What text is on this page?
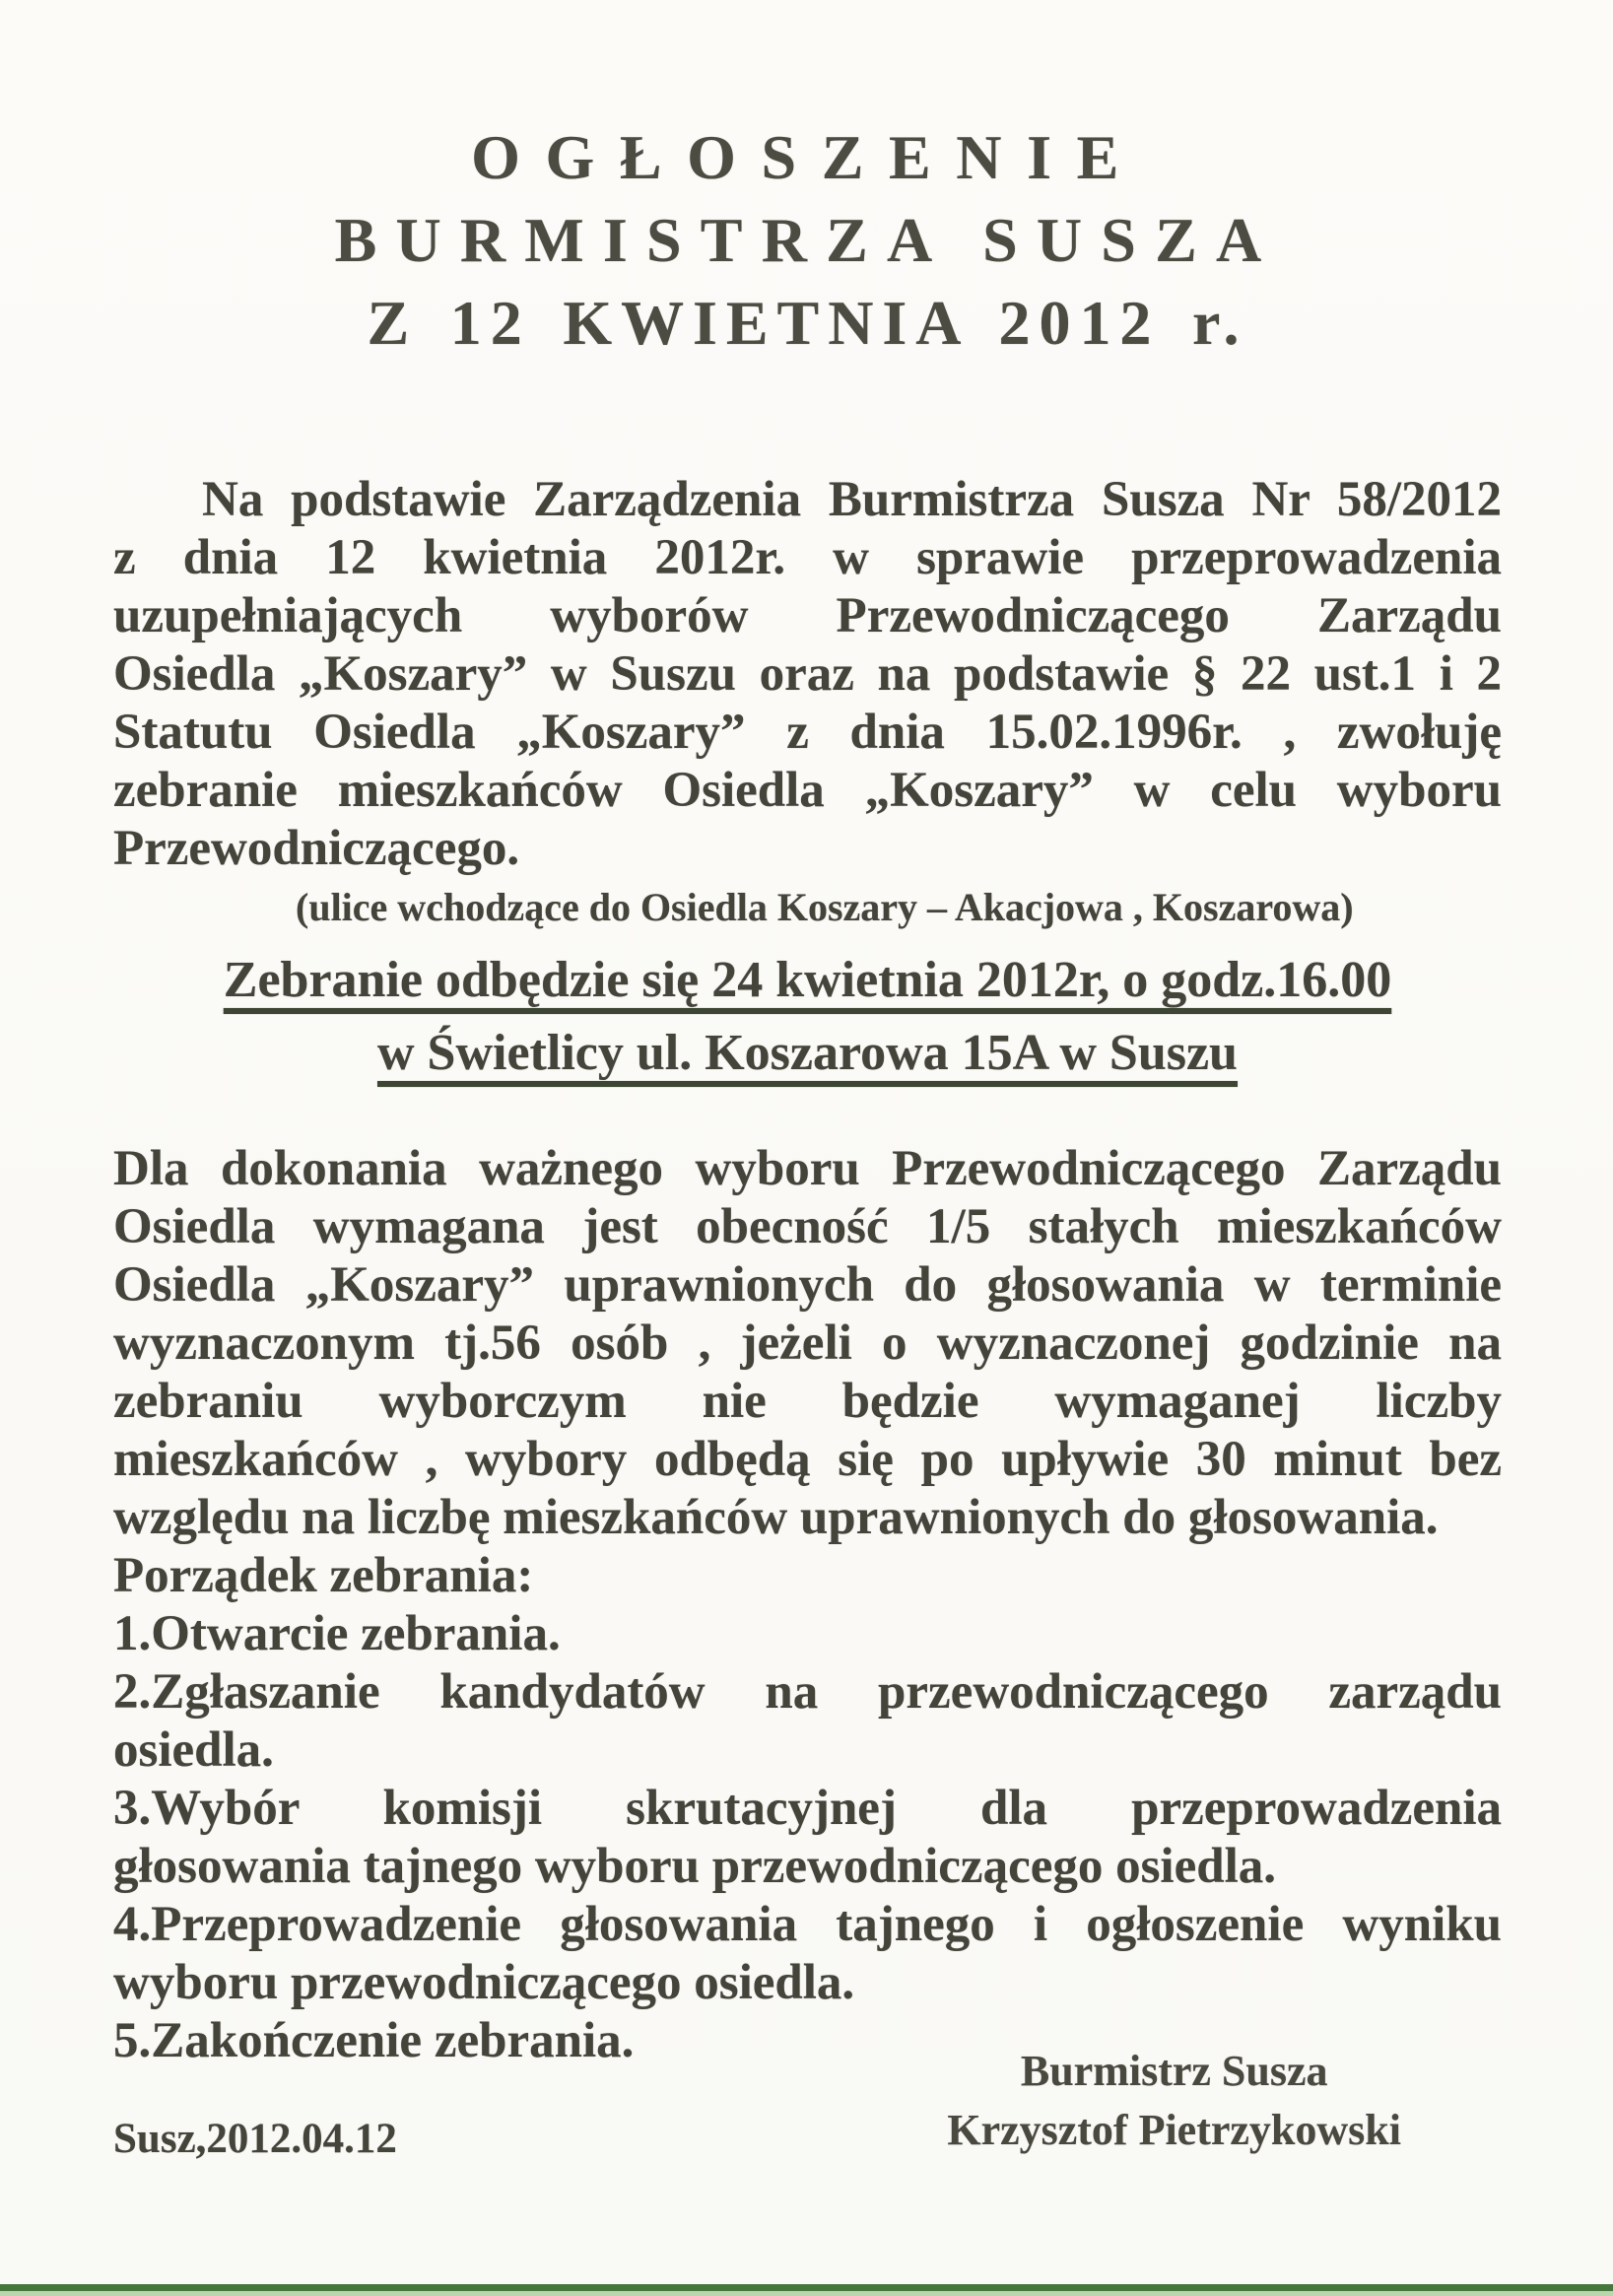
OGŁOSZENIE
BURMISTRZA SUSZA
Z 12 KWIETNIA 2012 r.
Na podstawie Zarządzenia Burmistrza Susza Nr 58/2012
z dnia 12 kwietnia 2012r. w sprawie przeprowadzenia
uzupełniających wyborów Przewodniczącego Zarządu
Osiedla „Koszary” w Suszu oraz na podstawie § 22 ust.1 i 2
Statutu Osiedla „Koszary” z dnia 15.02.1996r. , zwołuję
zebranie mieszkańców Osiedla „Koszary” w celu wyboru
Przewodniczącego.
(ulice wchodzące do Osiedla Koszary – Akacjowa , Koszarowa)
Zebranie odbędzie się 24 kwietnia 2012r, o godz.16.00
w Świetlicy ul. Koszarowa 15A w Suszu
Dla dokonania ważnego wyboru Przewodniczącego Zarządu
Osiedla wymagana jest obecność 1/5 stałych mieszkańców
Osiedla „Koszary” uprawnionych do głosowania w terminie
wyznaczonym tj.56 osób , jeżeli o wyznaczonej godzinie na
zebraniu wyborczym nie będzie wymaganej liczby
mieszkańców , wybory odbędą się po upływie 30 minut bez
względu na liczbę mieszkańców uprawnionych do głosowania.
Porządek zebrania:
1.Otwarcie zebrania.
2.Zgłaszanie kandydatów na przewodniczącego zarządu
osiedla.
3.Wybór komisji skrutacyjnej dla przeprowadzenia
głosowania tajnego wyboru przewodniczącego osiedla.
4.Przeprowadzenie głosowania tajnego i ogłoszenie wyniku
wyboru przewodniczącego osiedla.
5.Zakończenie zebrania.
Burmistrz Susza
Krzysztof Pietrzykowski
Susz,2012.04.12
